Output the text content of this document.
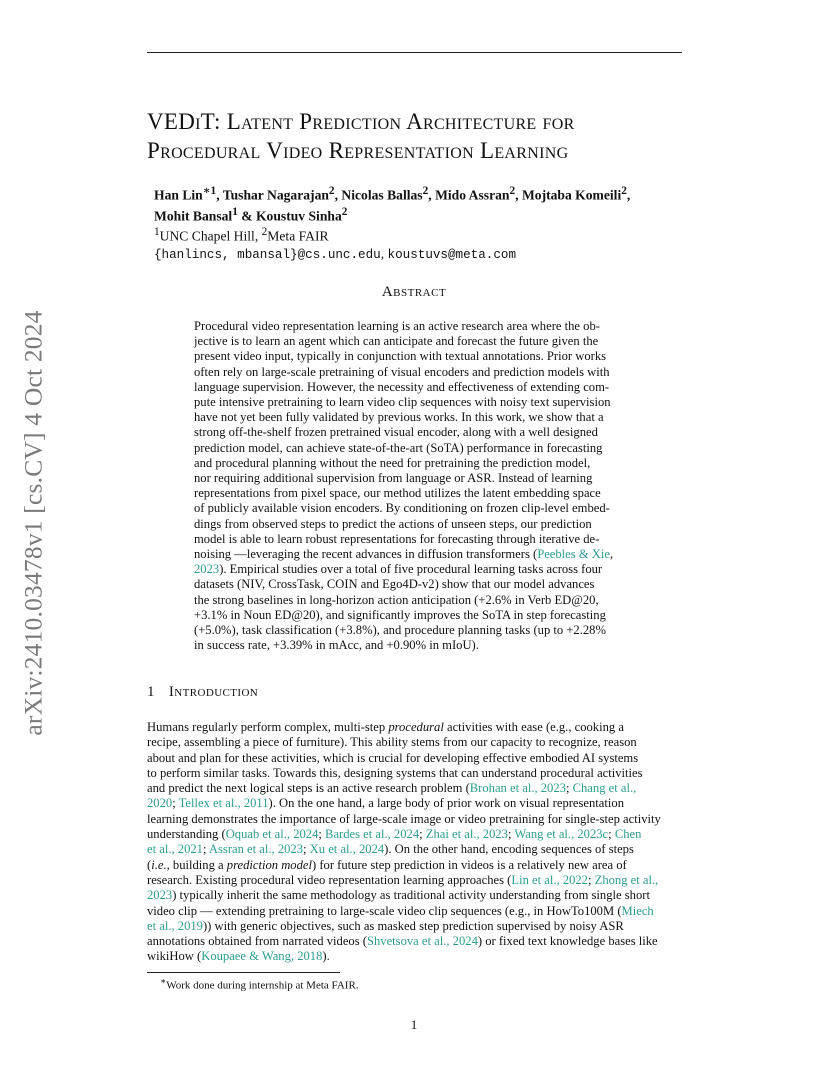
arXiv:2410.03478v1 [cs.CV] 4 Oct 2024
VEDiT: Latent Prediction Architecture for
Procedural Video Representation Learning
Han Lin$^{∗1}$, Tushar Nagarajan$^2$, Nicolas Ballas$^2$, Mido Assran$^2$, Mojtaba Komeili$^2$,
Mohit Bansal$^1$ & Koustuv Sinha$^2$
$^1$UNC Chapel Hill, $^2$Meta FAIR
{hanlincs, mbansal}@cs.unc.edu, koustuvs@meta.com
Abstract
Procedural video representation learning is an active research area where the ob-
jective is to learn an agent which can anticipate and forecast the future given the
present video input, typically in conjunction with textual annotations. Prior works
often rely on large-scale pretraining of visual encoders and prediction models with
language supervision. However, the necessity and effectiveness of extending com-
pute intensive pretraining to learn video clip sequences with noisy text supervision
have not yet been fully validated by previous works. In this work, we show that a
strong off-the-shelf frozen pretrained visual encoder, along with a well designed
prediction model, can achieve state-of-the-art (SoTA) performance in forecasting
and procedural planning without the need for pretraining the prediction model,
nor requiring additional supervision from language or ASR. Instead of learning
representations from pixel space, our method utilizes the latent embedding space
of publicly available vision encoders. By conditioning on frozen clip-level embed-
dings from observed steps to predict the actions of unseen steps, our prediction
model is able to learn robust representations for forecasting through iterative de-
noising —leveraging the recent advances in diffusion transformers (Peebles & Xie,
2023). Empirical studies over a total of five procedural learning tasks across four
datasets (NIV, CrossTask, COIN and Ego4D-v2) show that our model advances
the strong baselines in long-horizon action anticipation (+2.6% in Verb ED@20,
+3.1% in Noun ED@20), and significantly improves the SoTA in step forecasting
(+5.0%), task classification (+3.8%), and procedure planning tasks (up to +2.28%
in success rate, +3.39% in mAcc, and +0.90% in mIoU).
1 Introduction
Humans regularly perform complex, multi-step procedural activities with ease (e.g., cooking a
recipe, assembling a piece of furniture). This ability stems from our capacity to recognize, reason
about and plan for these activities, which is crucial for developing effective embodied AI systems
to perform similar tasks. Towards this, designing systems that can understand procedural activities
and predict the next logical steps is an active research problem (Brohan et al., 2023; Chang et al.,
2020; Tellex et al., 2011). On the one hand, a large body of prior work on visual representation
learning demonstrates the importance of large-scale image or video pretraining for single-step activity
understanding (Oquab et al., 2024; Bardes et al., 2024; Zhai et al., 2023; Wang et al., 2023c; Chen
et al., 2021; Assran et al., 2023; Xu et al., 2024). On the other hand, encoding sequences of steps
(i.e., building a prediction model) for future step prediction in videos is a relatively new area of
research. Existing procedural video representation learning approaches (Lin et al., 2022; Zhong et al.,
2023) typically inherit the same methodology as traditional activity understanding from single short
video clip — extending pretraining to large-scale video clip sequences (e.g., in HowTo100M (Miech
et al., 2019)) with generic objectives, such as masked step prediction supervised by noisy ASR
annotations obtained from narrated videos (Shvetsova et al., 2024) or fixed text knowledge bases like
wikiHow (Koupaee & Wang, 2018).
∗Work done during internship at Meta FAIR.
1
